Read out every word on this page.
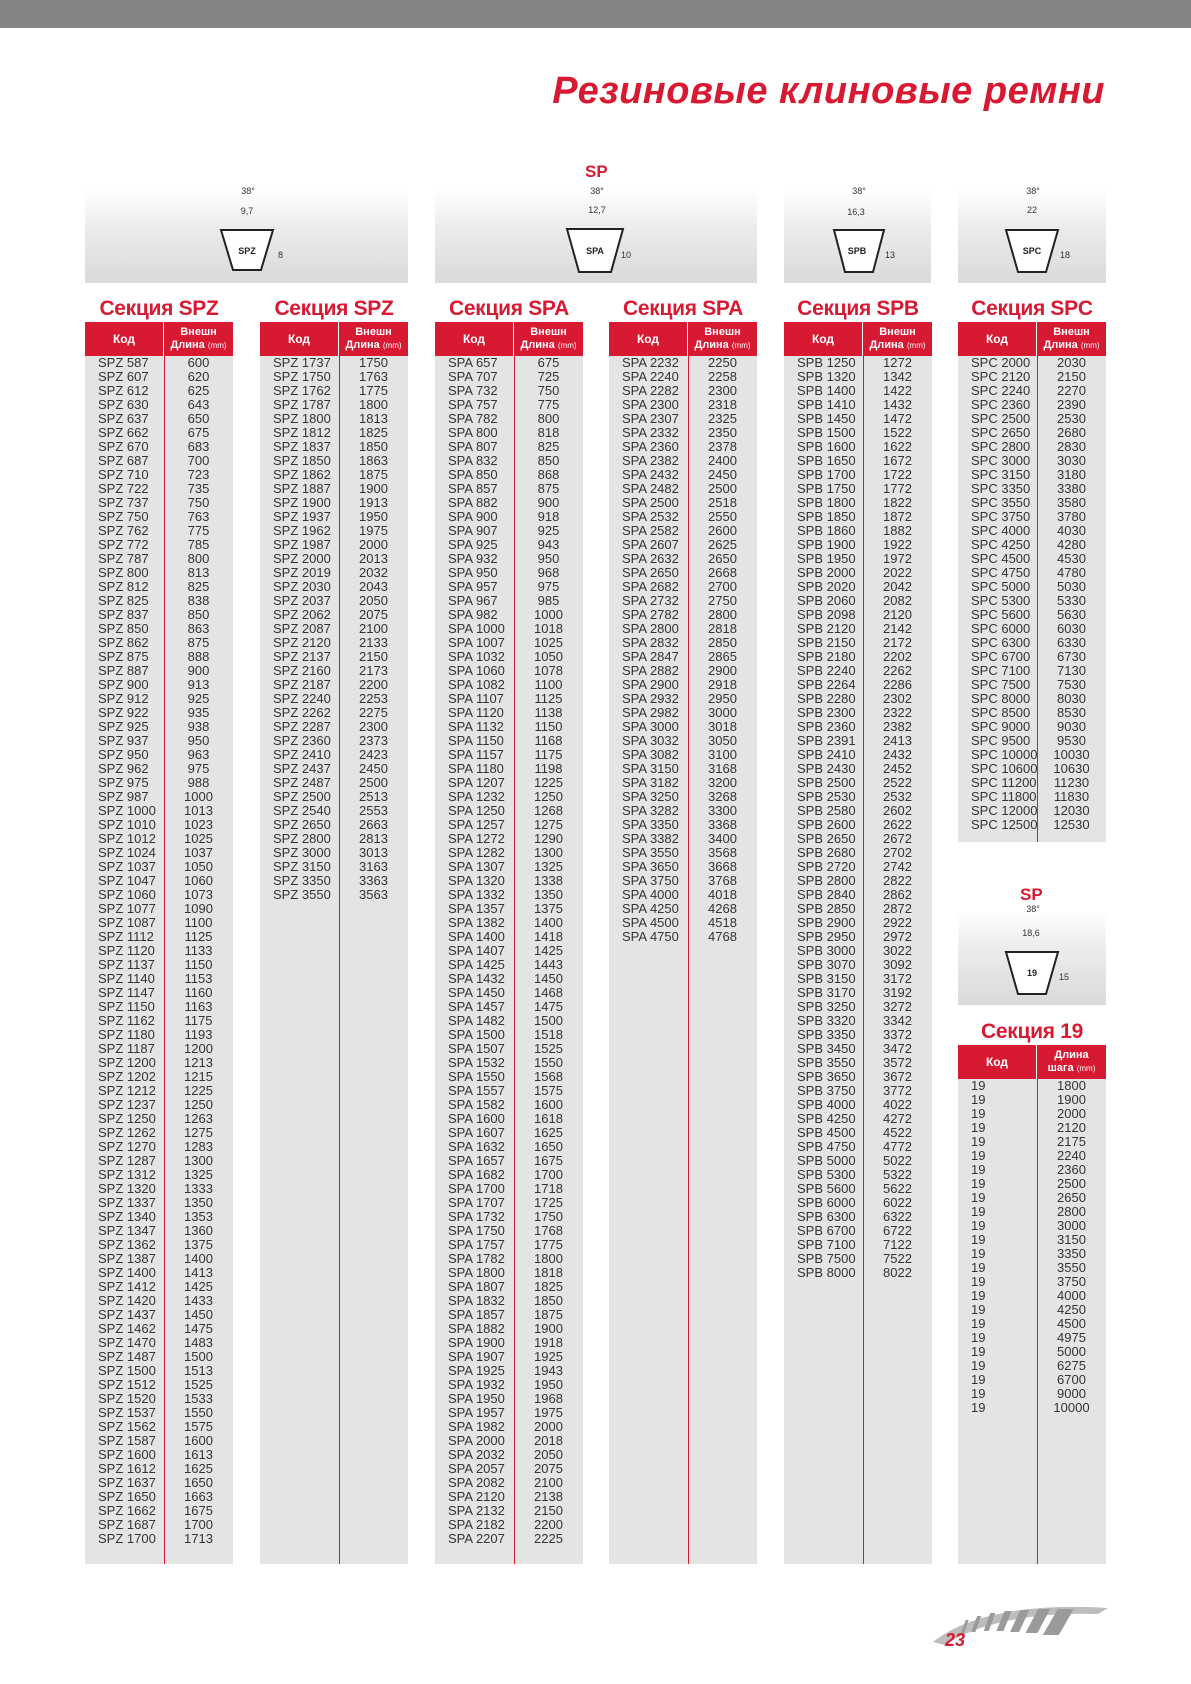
Резиновые клиновые ремни
SP
SP
38°
9,7
SPZ 8
38°
12,7
SPA 10
38°
16,3
SPB 13
38°
22
SPC 18
38°
18,6
19 15
Секция SPZ
Код	Внешн
Длина (mm)
SPZ 587	600
SPZ 607	620
SPZ 612	625
SPZ 630	643
SPZ 637	650
SPZ 662	675
SPZ 670	683
SPZ 687	700
SPZ 710	723
SPZ 722	735
SPZ 737	750
SPZ 750	763
SPZ 762	775
SPZ 772	785
SPZ 787	800
SPZ 800	813
SPZ 812	825
SPZ 825	838
SPZ 837	850
SPZ 850	863
SPZ 862	875
SPZ 875	888
SPZ 887	900
SPZ 900	913
SPZ 912	925
SPZ 922	935
SPZ 925	938
SPZ 937	950
SPZ 950	963
SPZ 962	975
SPZ 975	988
SPZ 987	1000
SPZ 1000	1013
SPZ 1010	1023
SPZ 1012	1025
SPZ 1024	1037
SPZ 1037	1050
SPZ 1047	1060
SPZ 1060	1073
SPZ 1077	1090
SPZ 1087	1100
SPZ 1112	1125
SPZ 1120	1133
SPZ 1137	1150
SPZ 1140	1153
SPZ 1147	1160
SPZ 1150	1163
SPZ 1162	1175
SPZ 1180	1193
SPZ 1187	1200
SPZ 1200	1213
SPZ 1202	1215
SPZ 1212	1225
SPZ 1237	1250
SPZ 1250	1263
SPZ 1262	1275
SPZ 1270	1283
SPZ 1287	1300
SPZ 1312	1325
SPZ 1320	1333
SPZ 1337	1350
SPZ 1340	1353
SPZ 1347	1360
SPZ 1362	1375
SPZ 1387	1400
SPZ 1400	1413
SPZ 1412	1425
SPZ 1420	1433
SPZ 1437	1450
SPZ 1462	1475
SPZ 1470	1483
SPZ 1487	1500
SPZ 1500	1513
SPZ 1512	1525
SPZ 1520	1533
SPZ 1537	1550
SPZ 1562	1575
SPZ 1587	1600
SPZ 1600	1613
SPZ 1612	1625
SPZ 1637	1650
SPZ 1650	1663
SPZ 1662	1675
SPZ 1687	1700
SPZ 1700	1713
Секция SPZ
Код	Внешн
Длина (mm)
SPZ 1737	1750
SPZ 1750	1763
SPZ 1762	1775
SPZ 1787	1800
SPZ 1800	1813
SPZ 1812	1825
SPZ 1837	1850
SPZ 1850	1863
SPZ 1862	1875
SPZ 1887	1900
SPZ 1900	1913
SPZ 1937	1950
SPZ 1962	1975
SPZ 1987	2000
SPZ 2000	2013
SPZ 2019	2032
SPZ 2030	2043
SPZ 2037	2050
SPZ 2062	2075
SPZ 2087	2100
SPZ 2120	2133
SPZ 2137	2150
SPZ 2160	2173
SPZ 2187	2200
SPZ 2240	2253
SPZ 2262	2275
SPZ 2287	2300
SPZ 2360	2373
SPZ 2410	2423
SPZ 2437	2450
SPZ 2487	2500
SPZ 2500	2513
SPZ 2540	2553
SPZ 2650	2663
SPZ 2800	2813
SPZ 3000	3013
SPZ 3150	3163
SPZ 3350	3363
SPZ 3550	3563
Секция SPA
Код	Внешн
Длина (mm)
SPA 657	675
SPA 707	725
SPA 732	750
SPA 757	775
SPA 782	800
SPA 800	818
SPA 807	825
SPA 832	850
SPA 850	868
SPA 857	875
SPA 882	900
SPA 900	918
SPA 907	925
SPA 925	943
SPA 932	950
SPA 950	968
SPA 957	975
SPA 967	985
SPA 982	1000
SPA 1000	1018
SPA 1007	1025
SPA 1032	1050
SPA 1060	1078
SPA 1082	1100
SPA 1107	1125
SPA 1120	1138
SPA 1132	1150
SPA 1150	1168
SPA 1157	1175
SPA 1180	1198
SPA 1207	1225
SPA 1232	1250
SPA 1250	1268
SPA 1257	1275
SPA 1272	1290
SPA 1282	1300
SPA 1307	1325
SPA 1320	1338
SPA 1332	1350
SPA 1357	1375
SPA 1382	1400
SPA 1400	1418
SPA 1407	1425
SPA 1425	1443
SPA 1432	1450
SPA 1450	1468
SPA 1457	1475
SPA 1482	1500
SPA 1500	1518
SPA 1507	1525
SPA 1532	1550
SPA 1550	1568
SPA 1557	1575
SPA 1582	1600
SPA 1600	1618
SPA 1607	1625
SPA 1632	1650
SPA 1657	1675
SPA 1682	1700
SPA 1700	1718
SPA 1707	1725
SPA 1732	1750
SPA 1750	1768
SPA 1757	1775
SPA 1782	1800
SPA 1800	1818
SPA 1807	1825
SPA 1832	1850
SPA 1857	1875
SPA 1882	1900
SPA 1900	1918
SPA 1907	1925
SPA 1925	1943
SPA 1932	1950
SPA 1950	1968
SPA 1957	1975
SPA 1982	2000
SPA 2000	2018
SPA 2032	2050
SPA 2057	2075
SPA 2082	2100
SPA 2120	2138
SPA 2132	2150
SPA 2182	2200
SPA 2207	2225
Секция SPA
Код	Внешн
Длина (mm)
SPA 2232	2250
SPA 2240	2258
SPA 2282	2300
SPA 2300	2318
SPA 2307	2325
SPA 2332	2350
SPA 2360	2378
SPA 2382	2400
SPA 2432	2450
SPA 2482	2500
SPA 2500	2518
SPA 2532	2550
SPA 2582	2600
SPA 2607	2625
SPA 2632	2650
SPA 2650	2668
SPA 2682	2700
SPA 2732	2750
SPA 2782	2800
SPA 2800	2818
SPA 2832	2850
SPA 2847	2865
SPA 2882	2900
SPA 2900	2918
SPA 2932	2950
SPA 2982	3000
SPA 3000	3018
SPA 3032	3050
SPA 3082	3100
SPA 3150	3168
SPA 3182	3200
SPA 3250	3268
SPA 3282	3300
SPA 3350	3368
SPA 3382	3400
SPA 3550	3568
SPA 3650	3668
SPA 3750	3768
SPA 4000	4018
SPA 4250	4268
SPA 4500	4518
SPA 4750	4768
Секция SPB
Код	Внешн
Длина (mm)
SPB 1250	1272
SPB 1320	1342
SPB 1400	1422
SPB 1410	1432
SPB 1450	1472
SPB 1500	1522
SPB 1600	1622
SPB 1650	1672
SPB 1700	1722
SPB 1750	1772
SPB 1800	1822
SPB 1850	1872
SPB 1860	1882
SPB 1900	1922
SPB 1950	1972
SPB 2000	2022
SPB 2020	2042
SPB 2060	2082
SPB 2098	2120
SPB 2120	2142
SPB 2150	2172
SPB 2180	2202
SPB 2240	2262
SPB 2264	2286
SPB 2280	2302
SPB 2300	2322
SPB 2360	2382
SPB 2391	2413
SPB 2410	2432
SPB 2430	2452
SPB 2500	2522
SPB 2530	2532
SPB 2580	2602
SPB 2600	2622
SPB 2650	2672
SPB 2680	2702
SPB 2720	2742
SPB 2800	2822
SPB 2840	2862
SPB 2850	2872
SPB 2900	2922
SPB 2950	2972
SPB 3000	3022
SPB 3070	3092
SPB 3150	3172
SPB 3170	3192
SPB 3250	3272
SPB 3320	3342
SPB 3350	3372
SPB 3450	3472
SPB 3550	3572
SPB 3650	3672
SPB 3750	3772
SPB 4000	4022
SPB 4250	4272
SPB 4500	4522
SPB 4750	4772
SPB 5000	5022
SPB 5300	5322
SPB 5600	5622
SPB 6000	6022
SPB 6300	6322
SPB 6700	6722
SPB 7100	7122
SPB 7500	7522
SPB 8000	8022
Секция SPC
Код	Внешн
Длина (mm)
SPC 2000	2030
SPC 2120	2150
SPC 2240	2270
SPC 2360	2390
SPC 2500	2530
SPC 2650	2680
SPC 2800	2830
SPC 3000	3030
SPC 3150	3180
SPC 3350	3380
SPC 3550	3580
SPC 3750	3780
SPC 4000	4030
SPC 4250	4280
SPC 4500	4530
SPC 4750	4780
SPC 5000	5030
SPC 5300	5330
SPC 5600	5630
SPC 6000	6030
SPC 6300	6330
SPC 6700	6730
SPC 7100	7130
SPC 7500	7530
SPC 8000	8030
SPC 8500	8530
SPC 9000	9030
SPC 9500	9530
SPC 10000	10030
SPC 10600	10630
SPC 11200	11230
SPC 11800	11830
SPC 12000	12030
SPC 12500	12530
Секция 19
Код	Длина
шага (mm)
19	1800
19	1900
19	2000
19	2120
19	2175
19	2240
19	2360
19	2500
19	2650
19	2800
19	3000
19	3150
19	3350
19	3550
19	3750
19	4000
19	4250
19	4500
19	4975
19	5000
19	6275
19	6700
19	9000
19	10000
23
